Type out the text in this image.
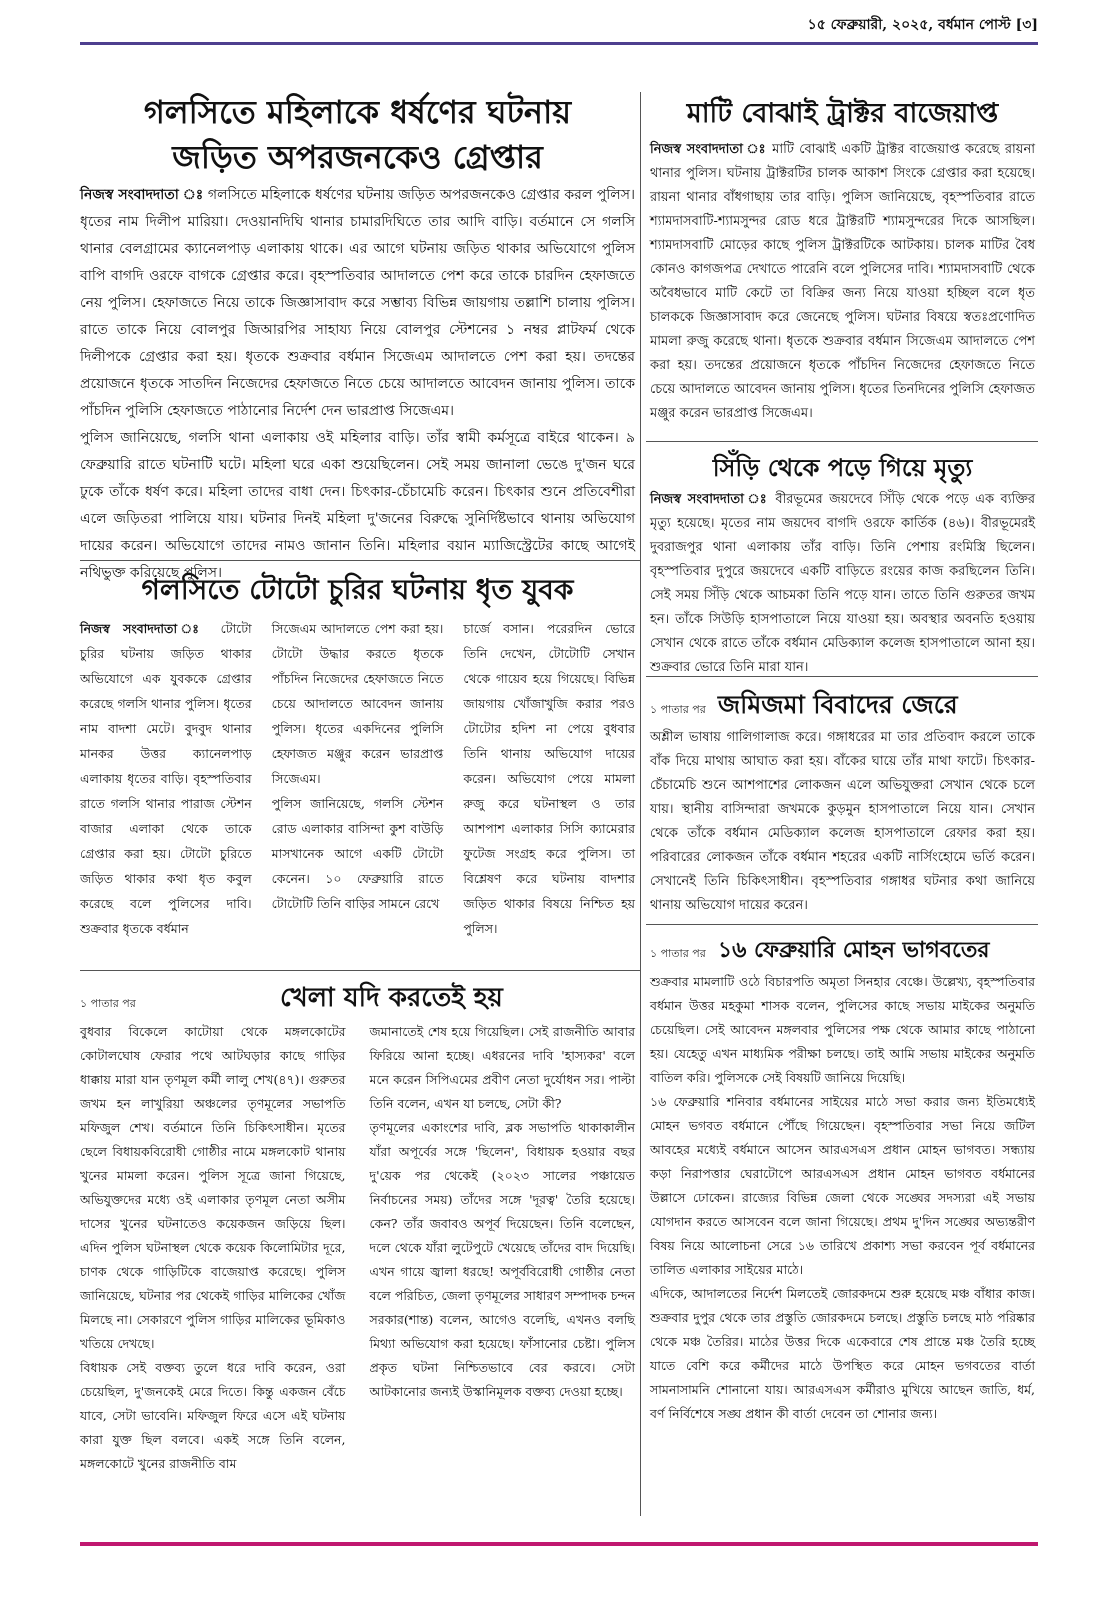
১৫ ফেব্রুয়ারী, ২০২৫, বর্ধমান পোস্ট [৩]
গলসিতে মহিলাকে ধর্ষণের ঘটনায়
জড়িত অপরজনকেও গ্রেপ্তার

নিজস্ব সংবাদদাতা ঃ গলসিতে মহিলাকে ধর্ষণের ঘটনায় জড়িত অপরজনকেও গ্রেপ্তার করল পুলিস। ধৃতের নাম দিলীপ মারিয়া। দেওয়ানদিঘি থানার চামারদিঘিতে তার আদি বাড়ি। বর্তমানে সে গলসি থানার বেলগ্রামের ক্যানেলপাড় এলাকায় থাকে। এর আগে ঘটনায় জড়িত থাকার অভিযোগে পুলিস বাপি বাগদি ওরফে বাগকে গ্রেপ্তার করে। বৃহস্পতিবার আদালতে পেশ করে তাকে চারদিন হেফাজতে নেয় পুলিস। হেফাজতে নিয়ে তাকে জিজ্ঞাসাবাদ করে সম্ভাব্য বিভিন্ন জায়গায় তল্লাশি চালায় পুলিস। রাতে তাকে নিয়ে বোলপুর জিআরপির সাহায্য নিয়ে বোলপুর স্টেশনের ১ নম্বর প্লাটফর্ম থেকে দিলীপকে গ্রেপ্তার করা হয়। ধৃতকে শুক্রবার বর্ধমান সিজেএম আদালতে পেশ করা হয়। তদন্তের প্রয়োজনে ধৃতকে সাতদিন নিজেদের হেফাজতে নিতে চেয়ে আদালতে আবেদন জানায় পুলিস। তাকে পাঁচদিন পুলিসি হেফাজতে পাঠানোর নির্দেশ দেন ভারপ্রাপ্ত সিজেএম।

পুলিস জানিয়েছে, গলসি থানা এলাকায় ওই মহিলার বাড়ি। তাঁর স্বামী কর্মসূত্রে বাইরে থাকেন। ৯ ফেব্রুয়ারি রাতে ঘটনাটি ঘটে। মহিলা ঘরে একা শুয়েছিলেন। সেই সময় জানালা ভেঙে দু'জন ঘরে ঢুকে তাঁকে ধর্ষণ করে। মহিলা তাদের বাধা দেন। চিৎকার-চেঁচামেচি করেন। চিৎকার শুনে প্রতিবেশীরা এলে জড়িতরা পালিয়ে যায়। ঘটনার দিনই মহিলা দু'জনের বিরুদ্ধে সুনির্দিষ্টভাবে থানায় অভিযোগ দায়ের করেন। অভিযোগে তাদের নামও জানান তিনি। মহিলার বয়ান ম্যাজিস্ট্রেটের কাছে আগেই নথিভুক্ত করিয়েছে পুলিস।

মাটি বোঝাই ট্রাক্টর বাজেয়াপ্ত

নিজস্ব সংবাদদাতা ঃ মাটি বোঝাই একটি ট্রাক্টর বাজেয়াপ্ত করেছে রায়না থানার পুলিস। ঘটনায় ট্রাক্টরটির চালক আকাশ সিংকে গ্রেপ্তার করা হয়েছে। রায়না থানার বাঁধগাছায় তার বাড়ি। পুলিস জানিয়েছে, বৃহস্পতিবার রাতে শ্যামদাসবাটি-শ্যামসুন্দর রোড ধরে ট্রাক্টরটি শ্যামসুন্দরের দিকে আসছিল। শ্যামদাসবাটি মোড়ের কাছে পুলিস ট্রাক্টরটিকে আটকায়। চালক মাটির বৈধ কোনও কাগজপত্র দেখাতে পারেনি বলে পুলিসের দাবি। শ্যামদাসবাটি থেকে অবৈধভাবে মাটি কেটে তা বিক্রির জন্য নিয়ে যাওয়া হচ্ছিল বলে ধৃত চালককে জিজ্ঞাসাবাদ করে জেনেছে পুলিস। ঘটনার বিষয়ে স্বতঃপ্রণোদিত মামলা রুজু করেছে থানা। ধৃতকে শুক্রবার বর্ধমান সিজেএম আদালতে পেশ করা হয়। তদন্তের প্রয়োজনে ধৃতকে পাঁচদিন নিজেদের হেফাজতে নিতে চেয়ে আদালতে আবেদন জানায় পুলিস। ধৃতের তিনদিনের পুলিসি হেফাজত মঞ্জুর করেন ভারপ্রাপ্ত সিজেএম।

সিঁড়ি থেকে পড়ে গিয়ে মৃত্যু

নিজস্ব সংবাদদাতা ঃ বীরভূমের জয়দেবে সিঁড়ি থেকে পড়ে এক ব্যক্তির মৃত্যু হয়েছে। মৃতের নাম জয়দেব বাগদি ওরফে কার্তিক (৪৬)। বীরভূমেরই দুবরাজপুর থানা এলাকায় তাঁর বাড়ি। তিনি পেশায় রংমিস্ত্রি ছিলেন। বৃহস্পতিবার দুপুরে জয়দেবে একটি বাড়িতে রংয়ের কাজ করছিলেন তিনি। সেই সময় সিঁড়ি থেকে আচমকা তিনি পড়ে যান। তাতে তিনি গুরুতর জখম হন। তাঁকে সিউড়ি হাসপাতালে নিয়ে যাওয়া হয়। অবস্থার অবনতি হওয়ায় সেখান থেকে রাতে তাঁকে বর্ধমান মেডিক্যাল কলেজ হাসপাতালে আনা হয়। শুক্রবার ভোরে তিনি মারা যান।

গলসিতে টোটো চুরির ঘটনায় ধৃত যুবক

নিজস্ব সংবাদদাতা ঃ টোটো চুরির ঘটনায় জড়িত থাকার অভিযোগে এক যুবককে গ্রেপ্তার করেছে গলসি থানার পুলিস। ধৃতের নাম বাদশা মেটে। বুদবুদ থানার মানকর উত্তর ক্যানেলপাড় এলাকায় ধৃতের বাড়ি। বৃহস্পতিবার রাতে গলসি থানার পারাজ স্টেশন বাজার এলাকা থেকে তাকে গ্রেপ্তার করা হয়। টোটো চুরিতে জড়িত থাকার কথা ধৃত কবুল করেছে বলে পুলিসের দাবি। শুক্রবার ধৃতকে বর্ধমান

সিজেএম আদালতে পেশ করা হয়। টোটো উদ্ধার করতে ধৃতকে পাঁচদিন নিজেদের হেফাজতে নিতে চেয়ে আদালতে আবেদন জানায় পুলিস। ধৃতের একদিনের পুলিসি হেফাজত মঞ্জুর করেন ভারপ্রাপ্ত সিজেএম।

পুলিস জানিয়েছে, গলসি স্টেশন রোড এলাকার বাসিন্দা কুশ বাউড়ি মাসখানেক আগে একটি টোটো কেনেন। ১০ ফেব্রুয়ারি রাতে টোটোটি তিনি বাড়ির সামনে রেখে

চার্জে বসান। পরেরদিন ভোরে তিনি দেখেন, টোটোটি সেখান থেকে গায়েব হয়ে গিয়েছে। বিভিন্ন জায়গায় খোঁজাখুজি করার পরও টোটোর হদিশ না পেয়ে বুধবার তিনি থানায় অভিযোগ দায়ের করেন। অভিযোগ পেয়ে মামলা রুজু করে ঘটনাস্থল ও তার আশপাশ এলাকার সিসি ক্যামেরার ফুটেজ সংগ্রহ করে পুলিস। তা বিশ্লেষণ করে ঘটনায় বাদশার জড়িত থাকার বিষয়ে নিশ্চিত হয় পুলিস।

১ পাতার পর জমিজমা বিবাদের জেরে

অশ্লীল ভাষায় গালিগালাজ করে। গঙ্গাধরের মা তার প্রতিবাদ করলে তাকে বাঁক দিয়ে মাথায় আঘাত করা হয়। বাঁকের ঘায়ে তাঁর মাথা ফাটে। চিৎকার-চেঁচামেচি শুনে আশপাশের লোকজন এলে অভিযুক্তরা সেখান থেকে চলে যায়। স্থানীয় বাসিন্দারা জখমকে কুড়মুন হাসপাতালে নিয়ে যান। সেখান থেকে তাঁকে বর্ধমান মেডিক্যাল কলেজ হাসপাতালে রেফার করা হয়। পরিবারের লোকজন তাঁকে বর্ধমান শহরের একটি নার্সিংহোমে ভর্তি করেন। সেখানেই তিনি চিকিৎসাধীন। বৃহস্পতিবার গঙ্গাধর ঘটনার কথা জানিয়ে থানায় অভিযোগ দায়ের করেন।

১ পাতার পর ১৬ ফেব্রুয়ারি মোহন ভাগবতের

শুক্রবার মামলাটি ওঠে বিচারপতি অমৃতা সিনহার বেঞ্চে। উল্লেখ্য, বৃহস্পতিবার বর্ধমান উত্তর মহকুমা শাসক বলেন, পুলিসের কাছে সভায় মাইকের অনুমতি চেয়েছিল। সেই আবেদন মঙ্গলবার পুলিসের পক্ষ থেকে আমার কাছে পাঠানো হয়। যেহেতু এখন মাধ্যমিক পরীক্ষা চলছে। তাই আমি সভায় মাইকের অনুমতি বাতিল করি। পুলিসকে সেই বিষয়টি জানিয়ে দিয়েছি।

১৬ ফেব্রুয়ারি শনিবার বর্ধমানের সাইয়ের মাঠে সভা করার জন্য ইতিমধ্যেই মোহন ভগবত বর্ধমানে পৌঁছে গিয়েছেন। বৃহস্পতিবার সভা নিয়ে জটিল আবহের মধ্যেই বর্ধমানে আসেন আরএসএস প্রধান মোহন ভাগবত। সন্ধ্যায় কড়া নিরাপত্তার ঘেরাটোপে আরএসএস প্রধান মোহন ভাগবত বর্ধমানের উল্লাসে ঢোকেন। রাজ্যের বিভিন্ন জেলা থেকে সঙ্ঘের সদস্যরা এই সভায় যোগদান করতে আসবেন বলে জানা গিয়েছে। প্রথম দু'দিন সঙ্ঘের অভ্যন্তরীণ বিষয় নিয়ে আলোচনা সেরে ১৬ তারিখে প্রকাশ্য সভা করবেন পূর্ব বর্ধমানের তালিত এলাকার সাইয়ের মাঠে।

এদিকে, আদালতের নির্দেশ মিলতেই জোরকদমে শুরু হয়েছে মঞ্চ বাঁধার কাজ। শুক্রবার দুপুর থেকে তার প্রস্তুতি জোরকদমে চলছে। প্রস্তুতি চলছে মাঠ পরিষ্কার থেকে মঞ্চ তৈরির। মাঠের উত্তর দিকে একেবারে শেষ প্রান্তে মঞ্চ তৈরি হচ্ছে যাতে বেশি করে কর্মীদের মাঠে উপস্থিত করে মোহন ভগবতের বার্তা সামনাসামনি শোনানো যায়। আরএসএস কর্মীরাও মুখিয়ে আছেন জাতি, ধর্ম, বর্ণ নির্বিশেষে সঙ্ঘ প্রধান কী বার্তা দেবেন তা শোনার জন্য।

১ পাতার পর	খেলা যদি করতেই হয়

বুধবার বিকেলে কাটোয়া থেকে মঙ্গলকোটের কোটালঘোষ ফেরার পথে আটঘড়ার কাছে গাড়ির ধাক্কায় মারা যান তৃণমূল কর্মী লালু শেখ(৪৭)। গুরুতর জখম হন লাখুরিয়া অঞ্চলের তৃণমূলের সভাপতি মফিজুল শেখ। বর্তমানে তিনি চিকিৎসাধীন। মৃতের ছেলে বিধায়কবিরোধী গোষ্ঠীর নামে মঙ্গলকোট থানায় খুনের মামলা করেন। পুলিস সূত্রে জানা গিয়েছে, অভিযুক্তদের মধ্যে ওই এলাকার তৃণমূল নেতা অসীম দাসের খুনের ঘটনাতেও কয়েকজন জড়িয়ে ছিল। এদিন পুলিস ঘটনাস্থল থেকে কয়েক কিলোমিটার দূরে, চাণক থেকে গাড়িটিকে বাজেয়াপ্ত করেছে। পুলিস জানিয়েছে, ঘটনার পর থেকেই গাড়ির মালিকের খোঁজ মিলছে না। সেকারণে পুলিস গাড়ির মালিকের ভূমিকাও খতিয়ে দেখছে।

বিধায়ক সেই বক্তব্য তুলে ধরে দাবি করেন, ওরা চেয়েছিল, দু'জনকেই মেরে দিতে। কিন্তু একজন বেঁচে যাবে, সেটা ভাবেনি। মফিজুল ফিরে এসে এই ঘটনায় কারা যুক্ত ছিল বলবে। একই সঙ্গে তিনি বলেন, মঙ্গলকোটে খুনের রাজনীতি বাম

জমানাতেই শেষ হয়ে গিয়েছিল। সেই রাজনীতি আবার ফিরিয়ে আনা হচ্ছে। এধরনের দাবি 'হাস্যকর' বলে মনে করেন সিপিএমের প্রবীণ নেতা দুর্যোধন সর। পাল্টা তিনি বলেন, এখন যা চলছে, সেটা কী?

তৃণমূলের একাংশের দাবি, ব্লক সভাপতি থাকাকালীন যাঁরা অপূর্বের সঙ্গে 'ছিলেন', বিধায়ক হওয়ার বছর দু'য়েক পর থেকেই (২০২৩ সালের পঞ্চায়েত নির্বাচনের সময়) তাঁদের সঙ্গে 'দূরত্ব' তৈরি হয়েছে। কেন? তাঁর জবাবও অপূর্ব দিয়েছেন। তিনি বলেছেন, দলে থেকে যাঁরা লুটেপুটে খেয়েছে তাঁদের বাদ দিয়েছি। এখন গায়ে জ্বালা ধরছে! অপূর্ববিরোধী গোষ্ঠীর নেতা বলে পরিচিত, জেলা তৃণমূলের সাধারণ সম্পাদক চন্দন সরকার(শান্ত) বলেন, আগেও বলেছি, এখনও বলছি মিথ্যা অভিযোগ করা হয়েছে। ফাঁসানোর চেষ্টা। পুলিস প্রকৃত ঘটনা নিশ্চিতভাবে বের করবে। সেটা আটকানোর জন্যই উস্কানিমূলক বক্তব্য দেওয়া হচ্ছে।
